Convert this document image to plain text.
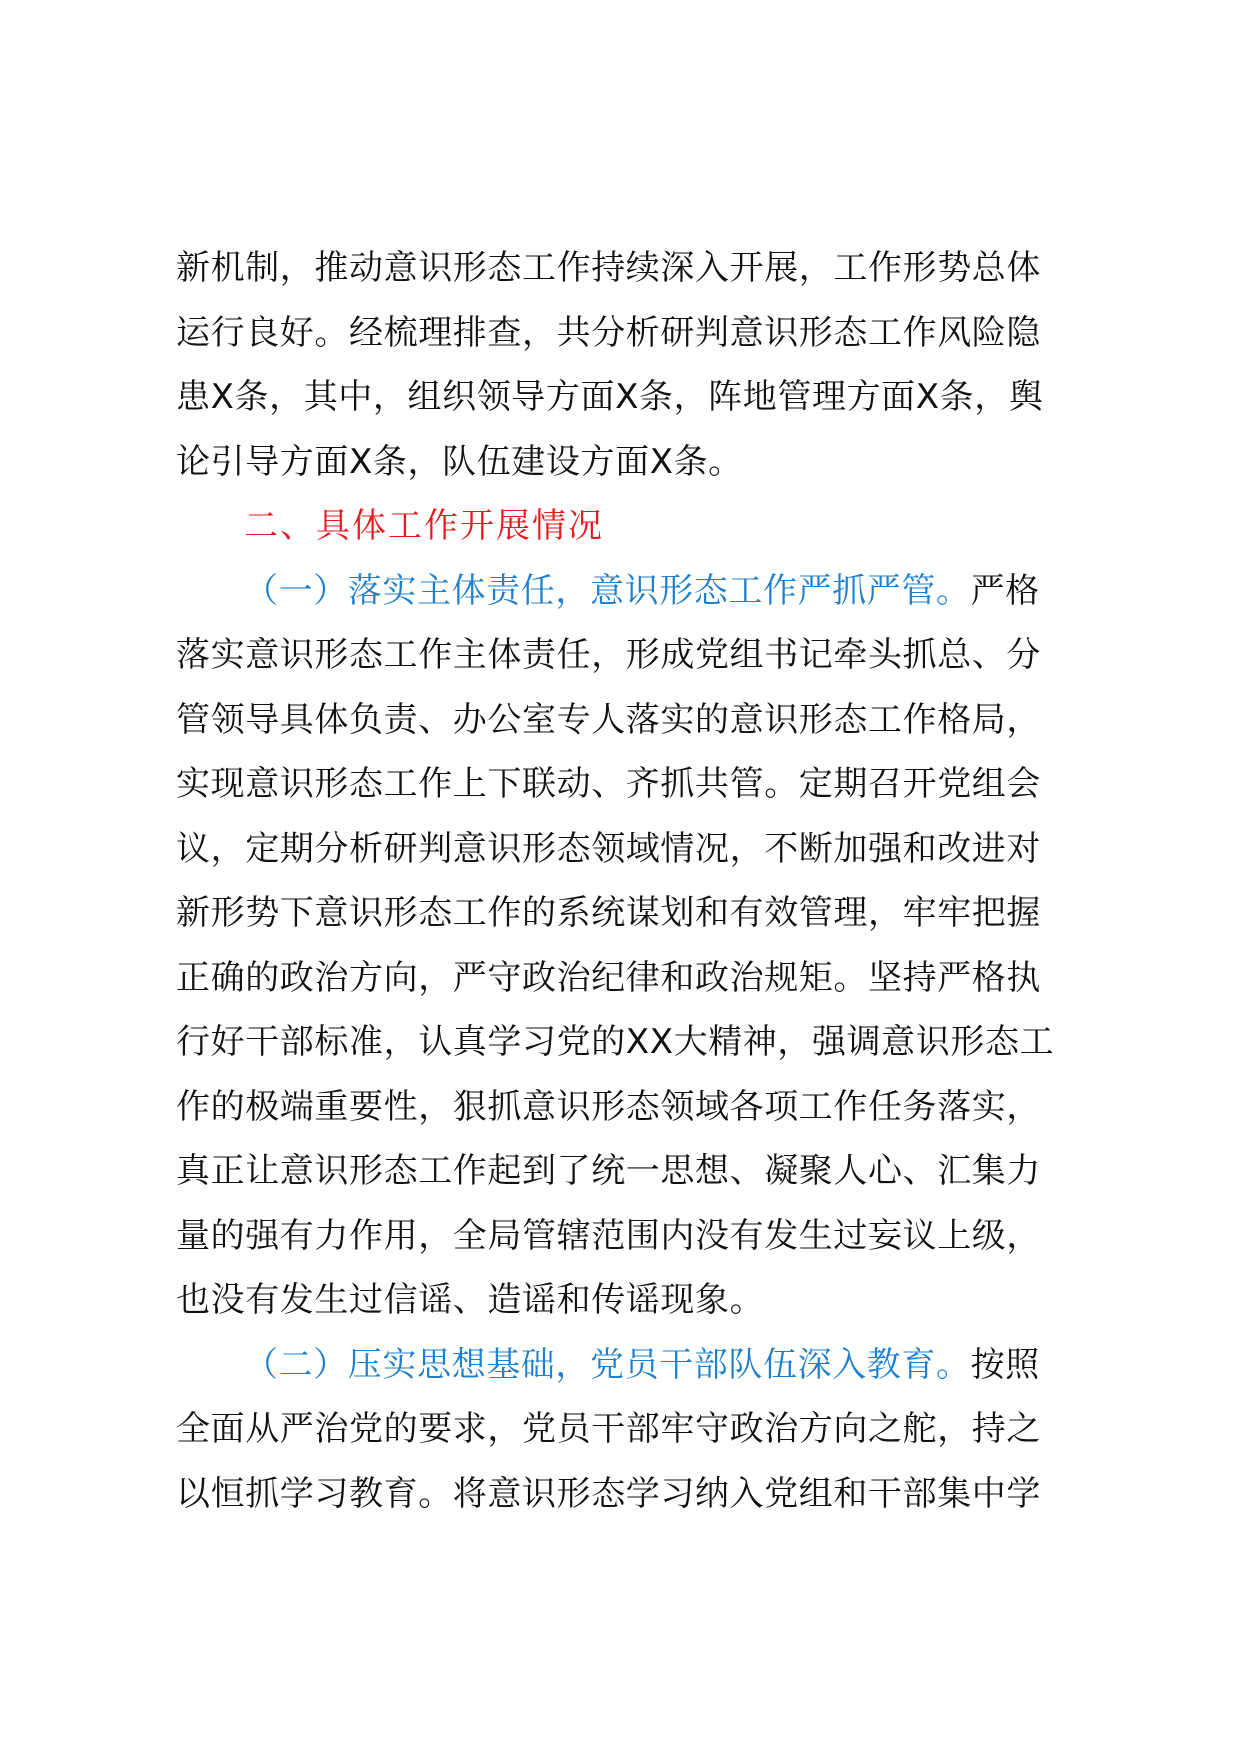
新机制，推动意识形态工作持续深入开展，工作形势总体
运行良好。经梳理排查，共分析研判意识形态工作风险隐
患X条，其中，组织领导方面X条，阵地管理方面X条，舆
论引导方面X条，队伍建设方面X条。
二、具体工作开展情况
（一）落实主体责任，意识形态工作严抓严管。严格
落实意识形态工作主体责任，形成党组书记牵头抓总、分
管领导具体负责、办公室专人落实的意识形态工作格局，
实现意识形态工作上下联动、齐抓共管。定期召开党组会
议，定期分析研判意识形态领域情况，不断加强和改进对
新形势下意识形态工作的系统谋划和有效管理，牢牢把握
正确的政治方向，严守政治纪律和政治规矩。坚持严格执
行好干部标准，认真学习党的XX大精神，强调意识形态工
作的极端重要性，狠抓意识形态领域各项工作任务落实，
真正让意识形态工作起到了统一思想、凝聚人心、汇集力
量的强有力作用，全局管辖范围内没有发生过妄议上级，
也没有发生过信谣、造谣和传谣现象。
（二）压实思想基础，党员干部队伍深入教育。按照
全面从严治党的要求，党员干部牢守政治方向之舵，持之
以恒抓学习教育。将意识形态学习纳入党组和干部集中学
